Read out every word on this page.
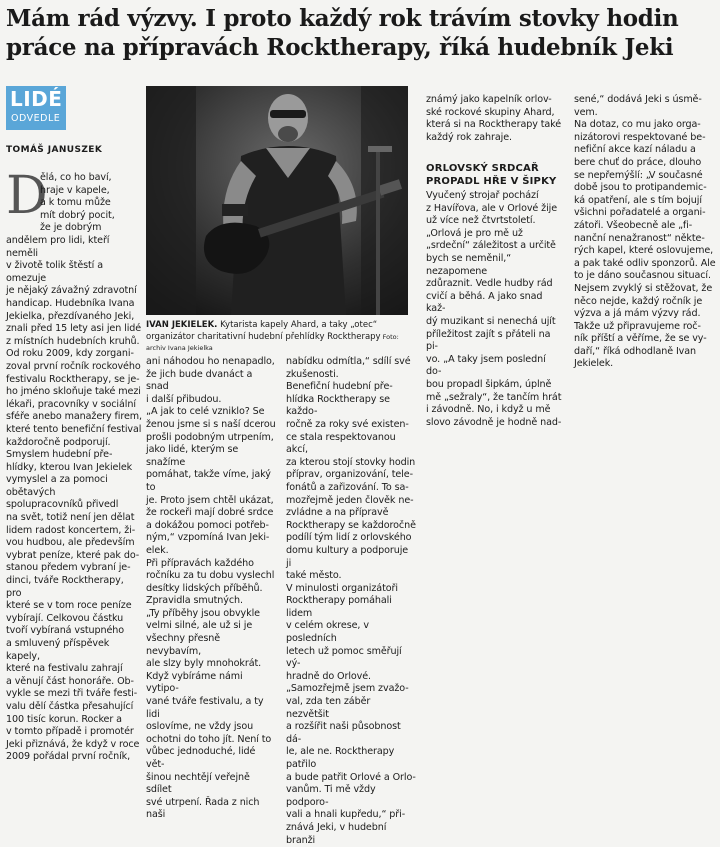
Mám rád výzvy. I proto každý rok trávím stovky hodin práce na přípravách Rocktherapy, říká hudebník Jeki
LIDÉ
ODVEDLE
TOMÁŠ JANUSZEK
IVAN JEKIELEK. Kytarista kapely Ahard, a taky „otec“ organizátor charitativní hudební přehlídky Rocktherapy Foto: archiv Ivana Jekielka
D
ělá, co ho baví,
hraje v kapele,
a k tomu může
mít dobrý pocit,
že je dobrým
andělem pro lidi, kteří neměli
v životě tolik štěstí a omezuje
je nějaký závažný zdravotní
handicap. Hudebníka Ivana
Jekielka, přezdívaného Jeki,
znali před 15 lety asi jen lidé
z místních hudebních kruhů.
Od roku 2009, kdy zorgani-
zoval první ročník rockového
festivalu Rocktherapy, se je-
ho jméno skloňuje také mezi
lékaři, pracovníky v sociální
sféře anebo manažery firem,
které tento benefiční festival
každoročně podporují.
Smyslem hudební pře-
hlídky, kterou Ivan Jekielek
vymyslel a za pomoci obětavých
spolupracovníků přivedl
na svět, totiž není jen dělat
lidem radost koncertem, ži-
vou hudbou, ale především
vybrat peníze, které pak do-
stanou předem vybraní je-
dinci, tváře Rocktherapy, pro
které se v tom roce peníze
vybírají. Celkovou částku
tvoří vybíraná vstupného
a smluvený příspěvek kapely,
které na festivalu zahrají
a věnují část honoráře. Ob-
vykle se mezi tři tváře festi-
valu dělí částka přesahující
100 tisíc korun. Rocker a
v tomto případě i promotér
Jeki přiznává, že když v roce
2009 pořádal první ročník,
ani náhodou ho nenapadlo,
že jich bude dvanáct a snad
i další přibudou.
„A jak to celé vzniklo? Se
ženou jsme si s naší dcerou
prošli podobným utrpením,
jako lidé, kterým se snažíme
pomáhat, takže víme, jaký to
je. Proto jsem chtěl ukázat,
že rockeři mají dobré srdce
a dokážou pomoci potřeb-
ným,“ vzpomíná Ivan Jeki-
elek.
Při přípravách každého
ročníku za tu dobu vyslechl
desítky lidských příběhů.
Zpravidla smutných.
„Ty příběhy jsou obvykle
velmi silné, ale už si je
všechny přesně nevybavím,
ale slzy byly mnohokrát.
Když vybíráme námi vytipo-
vané tváře festivalu, a ty lidi
oslovíme, ne vždy jsou
ochotni do toho jít. Není to
vůbec jednoduché, lidé vět-
šinou nechtějí veřejně sdílet
své utrpení. Řada z nich naši
nabídku odmítla,“ sdílí své
zkušenosti.
Benefiční hudební pře-
hlídka Rocktherapy se každo-
ročně za roky své existen-
ce stala respektovanou akcí,
za kterou stojí stovky hodin
příprav, organizování, tele-
fonátů a zařizování. To sa-
mozřejmě jeden člověk ne-
zvládne a na přípravě
Rocktherapy se každoročně
podílí tým lidí z orlovského
domu kultury a podporuje ji
také město.
V minulosti organizátoři
Rocktherapy pomáhali lidem
v celém okrese, v posledních
letech už pomoc směřují vý-
hradně do Orlové.
„Samozřejmě jsem zvažo-
val, zda ten záběr nezvětšit
a rozšířit naši působnost dá-
le, ale ne. Rocktherapy patřilo
a bude patřit Orlové a Orlo-
vanům. Ti mě vždy podporo-
vali a hnali kupředu,“ při-
znává Jeki, v hudební branži
známý jako kapelník orlov-
ské rockové skupiny Ahard,
která si na Rocktherapy také
každý rok zahraje.
ORLOVSKÝ SRDCAŘ
PROPADL HŘE V ŠIPKY
Vyučený strojař pochází
z Havířova, ale v Orlové žije
už více než čtvrtstoletí.
„Orlová je pro mě už
„srdeční“ záležitost a určitě
bych se neměnil,“ nezapomene
zdůraznit. Vedle hudby rád
cvičí a běhá. A jako snad kaž-
dý muzikant si nenechá ujít
příležitost zajít s přáteli na pi-
vo. „A taky jsem poslední do-
bou propadl šipkám, úplně
mě „sežraly“, že tančím hrát
i závodně. No, i když u mě
slovo závodně je hodně nad-
sené,“ dodává Jeki s úsmě-
vem.
Na dotaz, co mu jako orga-
nizátorovi respektované be-
nefiční akce kazí náladu a
bere chuť do práce, dlouho
se nepřemýšlí: „V současné
době jsou to protipandemic-
ká opatření, ale s tím bojují
všichni pořadatelé a organi-
zátoři. Všeobecně ale „fi-
nanční nenažranost“ někte-
rých kapel, které oslovujeme,
a pak také odliv sponzorů. Ale
to je dáno současnou situací.
Nejsem zvyklý si stěžovat, že
něco nejde, každý ročník je
výzva a já mám výzvy rád.
Takže už připravujeme roč-
ník příští a věříme, že se vy-
daří,“ říká odhodlaně Ivan
Jekielek.
